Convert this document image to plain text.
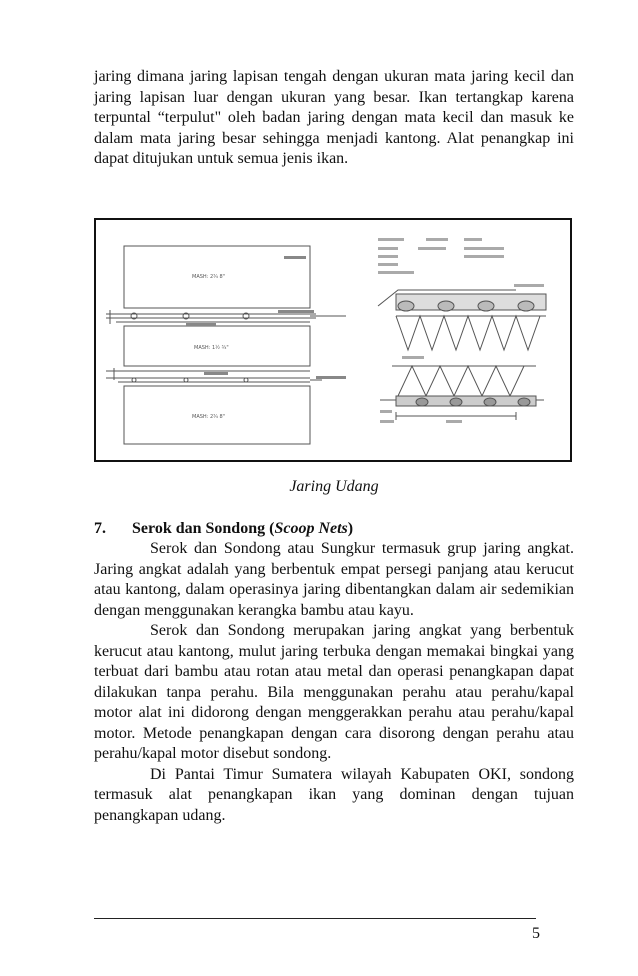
jaring dimana jaring lapisan tengah dengan ukuran mata jaring kecil dan jaring lapisan luar dengan ukuran yang besar. Ikan tertangkap karena terpuntal “terpulut" oleh badan jaring dengan mata kecil dan masuk ke dalam mata jaring besar sehingga menjadi kantong. Alat penangkap ini dapat ditujukan untuk semua jenis ikan.

MASH: 2¾ 8"
MASH: 1½ ¾"
MASH: 2¾ 8"
Jaring Udang
7. Serok dan Sondong (Scoop Nets)

Serok dan Sondong atau Sungkur termasuk grup jaring angkat. Jaring angkat adalah yang berbentuk empat persegi panjang atau kerucut atau kantong, dalam operasinya jaring dibentangkan dalam air sedemikian dengan menggunakan kerangka bambu atau kayu.

Serok dan Sondong merupakan jaring angkat yang berbentuk kerucut atau kantong, mulut jaring terbuka dengan memakai bingkai yang terbuat dari bambu atau rotan atau metal dan operasi penangkapan dapat dilakukan tanpa perahu. Bila menggunakan perahu atau perahu/kapal motor alat ini didorong dengan menggerakkan perahu atau perahu/kapal motor. Metode penangkapan dengan cara disorong dengan perahu atau perahu/kapal motor disebut sondong.

Di Pantai Timur Sumatera wilayah Kabupaten OKI, sondong termasuk alat penangkapan ikan yang dominan dengan tujuan penangkapan udang.

5
